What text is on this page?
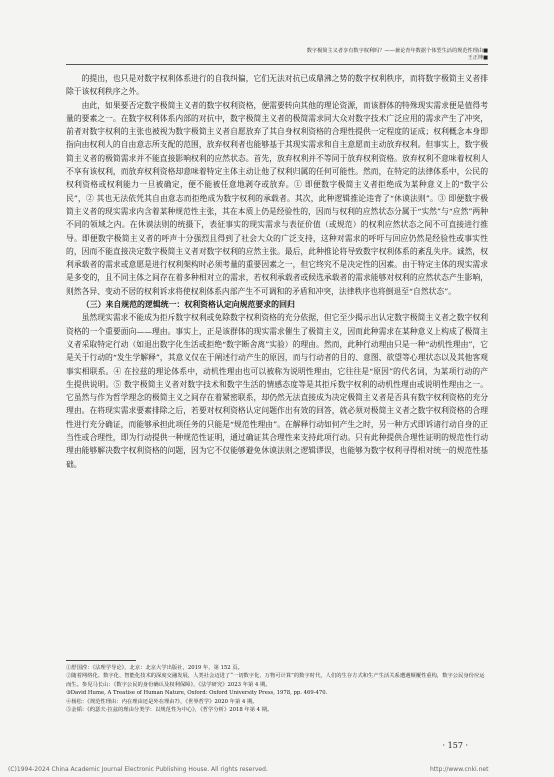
数字极简主义者享有数字权利吗？——兼论青年数据个体型生活的规范性理由■
王正坤■

的提出，也只是对数字权利体系进行的自我纠偏，它们无法对抗已成鼎沸之势的数字权利秩序，而将数字极简主义者排除于该权利秩序之外。

由此，如果要否定数字极简主义者的数字权利资格，便需要转向其他的理论资源，而该群体的特殊现实需求便是值得考量的要素之一。在数字权利体系内部的对抗中，数字极简主义者的极简需求同大众对数字技术广泛应用的需求产生了冲突，前者对数字权利的主张也被视为数字极简主义者自愿放弃了其自身权利资格的合理性提供一定程度的证成；权利概念本身即指向由权利人的自由意志所支配的范围，放弃权利者也能够基于其现实需求和自主意愿而主动放弃权利。但事实上，数字极简主义者的极简需求并不能直接影响权利的应然状态。首先，放弃权利并不等同于放弃权利资格。放弃权利不意味着权利人不享有该权利，而放弃权利资格却意味着特定主体主动让他了权利归属的任何可能性。然而，在特定的法律体系中，公民的权利资格或权利能力一旦被确定，便不能被任意地剥夺或放弃。① 即便数字极简主义者拒绝成为某种意义上的“数字公民”，② 其也无法依凭其自由意志而拒绝成为数字权利的承载者。其次，此种逻辑推论违背了“休谟法则”。③ 即便数字极简主义者的现实需求内含着某种规范性主张，其在本质上仍是经验性的，因而与权利的应然状态分属于“实然”与“应然”两种不同的领域之内。在休谟法则的统摄下，表征事实的现实需求与表征价值（或规范）的权利应然状态之间不可直接进行推导。即便数字极简主义者的呼声十分强烈且得到了社会大众的广泛支持，这种对需求的呼吁与回应仍然是经验性或事实性的，因而不能直接决定数字极简主义者对数字权利的应然主张。最后，此种推论将导致数字权利体系的紊乱失序。诚然，权利承载者的需求或意愿是进行权利架构时必须考量的重要因素之一，但它终究不是决定性的因素。由于特定主体的现实需求是多变的，且不同主体之间存在着多种相对立的需求，若权利承载者或候选承载者的需求能够对权利的应然状态产生影响，则然各异、变动不居的权利诉求将使权利体系内部产生不可调和的矛盾和冲突，法律秩序也将倒退至“自然状态”。

（三）来自规范的逻辑统一：权利资格认定向规范要求的回归

虽然现实需求不能成为拒斥数字权利或免除数字权利资格的充分依据，但它至少揭示出认定数字极简主义者之数字权利资格的一个重要面向——理由。事实上，正是该群体的现实需求催生了极简主义，因而此种需求在某种意义上构成了极简主义者采取特定行动（如退出数字化生活或拒绝“数字断舍离”实验）的理由。然而，此种行动理由只是一种“动机性理由”，它是关于行动的“发生学解释”，其意义仅在于阐述行动产生的原因，而与行动者的目的、意图、欲望等心理状态以及其他客观事实相联系。④ 在拉兹的理论体系中，动机性理由也可以被称为说明性理由，它往往是“原因”的代名词，为某项行动的产生提供说明。⑤ 数字极简主义者对数字技术和数字生活的情感态度等是其拒斥数字权利的动机性理由或说明性理由之一。它虽然与作为哲学理念的极简主义之间存在着紧密联系，却仍然无法直接成为决定极简主义者是否具有数字权利资格的充分理由。在将现实需求要素排除之后，若要对权利资格认定问题作出有效的回答，就必须对极简主义者之数字权利资格的合理性进行充分确证，而能够承担此项任务的只能是“规范性理由”。在解释行动如何产生之时，另一种方式即诉诸行动自身的正当性或合理性，即为行动提供一种规范性证明，通过确证其合理性来支持此项行动。只有此种提供合理性证明的规范性行动理由能够解决数字权利资格的问题，因为它不仅能够避免休谟法则之逻辑谬误，也能够为数字权利寻得相对统一的规范性基础。

①舒国滢：《法理学导论》，北京：北京大学出版社，2019 年，第 152 页。
②随着网络化、数字化、智能化技术的深度交融发展，人类社会迈进了“一切数字化、万物可计算”的数字时代，人们的生存方式和生产生活关系遭遇颠覆性重构，数字公民身份应运而生。参见马长山：《数字公民的身份确认及权利保障》，《法学研究》2023 年第 4 期。
③David Hume, A Treatise of Human Nature, Oxford: Oxford University Press, 1978, pp. 469-470.
④杨松：《规范性理由：内在理由还是外在理由?》，《世界哲学》2020 年第 4 期。
⑤金韬：《约瑟夫·拉兹的理由分类学：以规范性为中心》，《哲学分析》2018 年第 4 期。
· 157 ·
(C)1994-2024 China Academic Journal Electronic Publishing House. All rights reserved.	http://www.cnki.net
